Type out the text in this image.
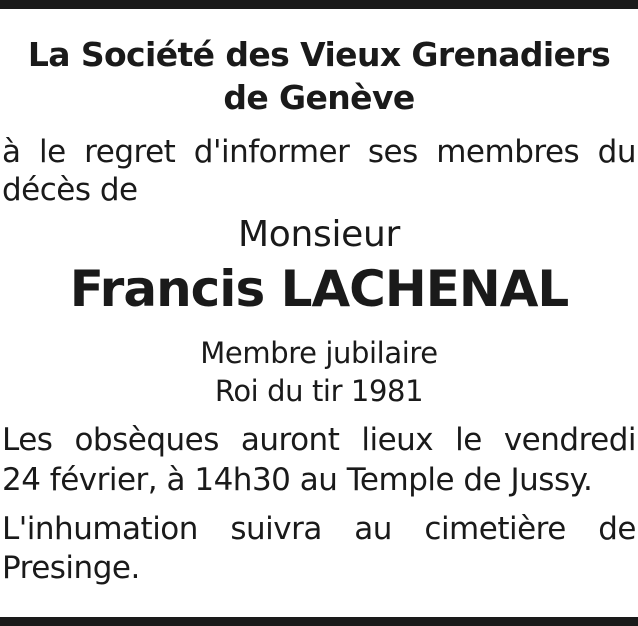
La Société des Vieux Grenadiers

de Genève

à le regret d'informer ses membres du

décès de

Monsieur

Francis LACHENAL

Membre jubilaire

Roi du tir 1981

Les obsèques auront lieux le vendredi

24 février, à 14h30 au Temple de Jussy.

L'inhumation suivra au cimetière de

Presinge.
